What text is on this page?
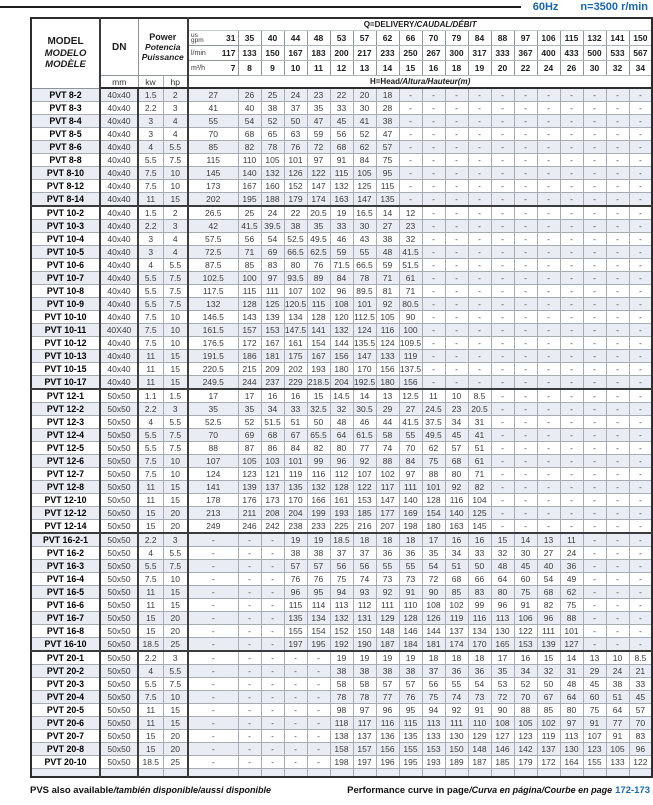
60Hz n=3500 r/min
MODEL
MODELO
MODÈLE
	DN	
Power
Potencia
Puissance
	Q=DELIVERY/CAUDAL/DÉBIT

				us
gpm 31	35	40	44	48	53	57	62	66	70	79	84	88	97	106	115	132	141	150

				l/min 117	133	150	167	183	200	217	233	250	267	300	317	333	367	400	433	500	533	567

				m³/h 7	8	9	10	11	12	13	14	15	16	18	19	20	22	24	26	30	32	34
	mm	kw	hp	H=Head/Altura/Hauteur(m)																		
PVT 8-2	40x40	1.5	2	27	26	25	24	23	22	20	18	-	-	-	-	-	-	-	-	-	-	-
PVT 8-3	40x40	2.2	3	41	40	38	37	35	33	30	28	-	-	-	-	-	-	-	-	-	-	-
PVT 8-4	40x40	3	4	55	54	52	50	47	45	41	38	-	-	-	-	-	-	-	-	-	-	-
PVT 8-5	40x40	3	4	70	68	65	63	59	56	52	47	-	-	-	-	-	-	-	-	-	-	-
PVT 8-6	40x40	4	5.5	85	82	78	76	72	68	62	57	-	-	-	-	-	-	-	-	-	-	-
PVT 8-8	40x40	5.5	7.5	115	110	105	101	97	91	84	75	-	-	-	-	-	-	-	-	-	-	-
PVT 8-10	40x40	7.5	10	145	140	132	126	122	115	105	95	-	-	-	-	-	-	-	-	-	-	-
PVT 8-12	40x40	7.5	10	173	167	160	152	147	132	125	115	-	-	-	-	-	-	-	-	-	-	-
PVT 8-14	40x40	11	15	202	195	188	179	174	163	147	135	-	-	-	-	-	-	-	-	-	-	-
PVT 10-2	40x40	1.5	2	26.5	25	24	22	20.5	19	16.5	14	12	-	-	-	-	-	-	-	-	-	-
PVT 10-3	40x40	2.2	3	42	41.5	39.5	38	35	33	30	27	23	-	-	-	-	-	-	-	-	-	-
PVT 10-4	40x40	3	4	57.5	56	54	52.5	49.5	46	43	38	32	-	-	-	-	-	-	-	-	-	-
PVT 10-5	40x40	3	4	72.5	71	69	66.5	62.5	59	55	48	41.5	-	-	-	-	-	-	-	-	-	-
PVT 10-6	40x40	4	5.5	87.5	85	83	80	76	71.5	66.5	59	51.5	-	-	-	-	-	-	-	-	-	-
PVT 10-7	40x40	5.5	7.5	102.5	100	97	93.5	89	84	78	71	61	-	-	-	-	-	-	-	-	-	-
PVT 10-8	40x40	5.5	7.5	117.5	115	111	107	102	96	89.5	81	71	-	-	-	-	-	-	-	-	-	-
PVT 10-9	40x40	5.5	7.5	132	128	125	120.5	115	108	101	92	80.5	-	-	-	-	-	-	-	-	-	-
PVT 10-10	40x40	7.5	10	146.5	143	139	134	128	120	112.5	105	90	-	-	-	-	-	-	-	-	-	-
PVT 10-11	40X40	7.5	10	161.5	157	153	147.5	141	132	124	116	100	-	-	-	-	-	-	-	-	-	-
PVT 10-12	40x40	7.5	10	176.5	172	167	161	154	144	135.5	124	109.5	-	-	-	-	-	-	-	-	-	-
PVT 10-13	40x40	11	15	191.5	186	181	175	167	156	147	133	119	-	-	-	-	-	-	-	-	-	-
PVT 10-15	40x40	11	15	220.5	215	209	202	193	180	170	156	137.5	-	-	-	-	-	-	-	-	-	-
PVT 10-17	40x40	11	15	249.5	244	237	229	218.5	204	192.5	180	156	-	-	-	-	-	-	-	-	-	-
PVT 12-1	50x50	1.1	1.5	17	17	16	16	15	14.5	14	13	12.5	11	10	8.5	-	-	-	-	-	-	-
PVT 12-2	50x50	2.2	3	35	35	34	33	32.5	32	30.5	29	27	24.5	23	20.5	-	-	-	-	-	-	-
PVT 12-3	50x50	4	5.5	52.5	52	51.5	51	50	48	46	44	41.5	37.5	34	31	-	-	-	-	-	-	-
PVT 12-4	50x50	5.5	7.5	70	69	68	67	65.5	64	61.5	58	55	49.5	45	41	-	-	-	-	-	-	-
PVT 12-5	50x50	5.5	7.5	88	87	86	84	82	80	77	74	70	62	57	51	-	-	-	-	-	-	-
PVT 12-6	50x50	7.5	10	107	105	103	101	99	96	92	88	84	75	68	61	-	-	-	-	-	-	-
PVT 12-7	50x50	7.5	10	124	123	121	119	116	112	107	102	97	88	80	71	-	-	-	-	-	-	-
PVT 12-8	50x50	11	15	141	139	137	135	132	128	122	117	111	101	92	82	-	-	-	-	-	-	-
PVT 12-10	50x50	11	15	178	176	173	170	166	161	153	147	140	128	116	104	-	-	-	-	-	-	-
PVT 12-12	50x50	15	20	213	211	208	204	199	193	185	177	169	154	140	125	-	-	-	-	-	-	-
PVT 12-14	50x50	15	20	249	246	242	238	233	225	216	207	198	180	163	145	-	-	-	-	-	-	-
PVT 16-2-1	50x50	2.2	3	-	-	-	19	19	18.5	18	18	18	17	16	16	15	14	13	11	-	-	-
PVT 16-2	50x50	4	5.5	-	-	-	38	38	37	37	36	36	35	34	33	32	30	27	24	-	-	-
PVT 16-3	50x50	5.5	7.5	-	-	-	57	57	56	56	55	55	54	51	50	48	45	40	36	-	-	-
PVT 16-4	50x50	7.5	10	-	-	-	76	76	75	74	73	73	72	68	66	64	60	54	49	-	-	-
PVT 16-5	50x50	11	15	-	-	-	96	95	94	93	92	91	90	85	83	80	75	68	62	-	-	-
PVT 16-6	50x50	11	15	-	-	-	115	114	113	112	111	110	108	102	99	96	91	82	75	-	-	-
PVT 16-7	50x50	15	20	-	-	-	135	134	132	131	129	128	126	119	116	113	106	96	88	-	-	-
PVT 16-8	50x50	15	20	-	-	-	155	154	152	150	148	146	144	137	134	130	122	111	101	-	-	-
PVT 16-10	50x50	18.5	25	-	-	-	197	195	192	190	187	184	181	174	170	165	153	139	127	-	-	-
PVT 20-1	50x50	2.2	3	-	-	-	-	-	19	19	19	19	18	18	18	17	16	15	14	13	10	8.5
PVT 20-2	50x50	4	5.5	-	-	-	-	-	38	38	38	38	37	36	36	35	34	32	31	29	24	21
PVT 20-3	50x50	5.5	7.5	-	-	-	-	-	58	58	57	57	56	55	54	53	52	50	48	45	38	33
PVT 20-4	50x50	7.5	10	-	-	-	-	-	78	78	77	76	75	74	73	72	70	67	64	60	51	45
PVT 20-5	50x50	11	15	-	-	-	-	-	98	97	96	95	94	92	91	90	88	85	80	75	64	57
PVT 20-6	50x50	11	15	-	-	-	-	-	118	117	116	115	113	111	110	108	105	102	97	91	77	70
PVT 20-7	50x50	15	20	-	-	-	-	-	138	137	136	135	133	130	129	127	123	119	113	107	91	83
PVT 20-8	50x50	15	20	-	-	-	-	-	158	157	156	155	153	150	148	146	142	137	130	123	105	96
PVT 20-10	50x50	18.5	25	-	-	-	-	-	198	197	196	195	193	189	187	185	179	172	164	155	133	122

PVS also available/también disponible/aussi disponible	Performance curve in page/Curva en página/Courbe en page 172-173
